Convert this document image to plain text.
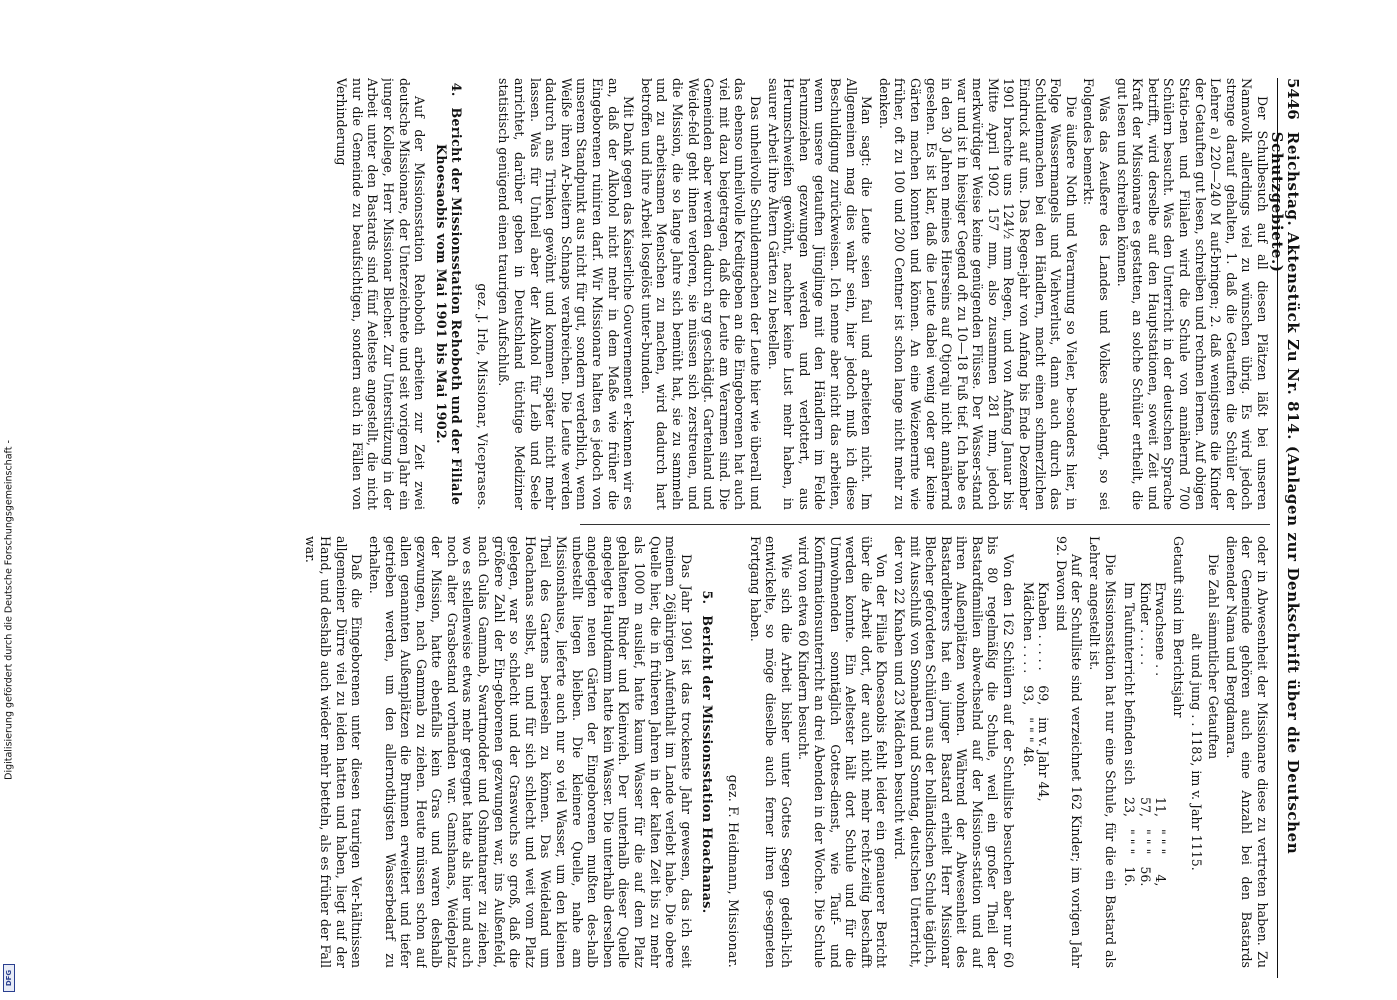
Digitalisierung gefördert durch die Deutsche Forschungsgemeinschaft -
DFG
5446
Reichstag. Aktenstück Zu Nr. 814. (Anlagen zur Denkschrift über die Deutschen Schutzgebiete.)

Der Schulbesuch auf all diesen Plätzen läßt bei unseren Namavolk allerdings viel zu wünschen übrig. Es wird jedoch strenge darauf gehalten, 1. daß die Getauften die Schüler der Lehrer a) 220—240 M auf-bringen; 2. daß wenigstens die Kinder der Getauften gut lesen, schreiben und rechnen lernen. Auf obigen Statio-nen und Filialen wird die Schule von annähernd 700 Schülern besucht. Was den Unterricht in der deutschen Sprache betrifft, wird derselbe auf den Hauptstationen, soweit Zeit und Kraft der Missionare es gestatten, an solche Schüler ertheilt, die gut lesen und schreiben können.

Was das Aeußere des Landes und Volkes anbelangt, so sei Folgendes bemerkt:

Die äußere Noth und Verarmung so Vieler, be-sonders hier, in Folge Wassermangels und Viehverlust, dann auch durch das Schuldenmachen bei den Händlern, macht einen schmerzlichen Eindruck auf uns. Das Regen-jahr von Anfang bis Ende Dezember 1901 brachte uns 124½ mm Regen, und von Anfang Januar bis Mitte April 1902 157 mm, also zusammen 281 mm, jedoch merkwürdiger Weise keine genügenden Flüsse. Der Wasser-stand war und ist in hiesiger Gegend oft zu 10—18 Fuß tief. Ich habe es in den 30 Jahren meines Hierseins auf Otjoraju nicht annähernd gesehen. Es ist klar, daß die Leute dabei wenig oder gar keine Gärten machen konnten und können. An eine Weizenernte wie früher, oft zu 100 und 200 Centner ist schon lange nicht mehr zu denken.

Man sagt: die Leute seien faul und arbeiteten nicht. Im Allgemeinen mag dies wahr sein, hier jedoch muß ich diese Beschuldigung zurückweisen. Ich nenne aber nicht das arbeiten, wenn unsere getauften Jünglinge mit den Händlern im Felde herumziehen gezwungen werden und verlottert, aus Herumschweifen gewöhnt, nachher keine Lust mehr haben, in saurer Arbeit ihre Ältern Gärten zu bestellen.

Das unheilvolle Schuldenmachen der Leute hier wie überall und das ebenso unheilvolle Kreditgeben an die Eingeborenen hat auch viel mit dazu beigetragen, daß die Leute am Verarmen sind. Die Gemeinden aber werden dadurch arg geschädigt. Gartenland und Weide-feld geht ihnen verloren, sie müssen sich zerstreuen, und die Mission, die so lange Jahre sich bemüht hat, sie zu sammeln und zu arbeitsamen Menschen zu machen, wird dadurch hart betroffen und ihre Arbeit losgelöst unter-bunden.

Mit Dank gegen das Kaiserliche Gouvernement er-kennen wir es an, daß der Alkohol nicht mehr in dem Maße wie früher die Eingeborenen ruiniren darf. Wir Missionare halten es jedoch von unserem Standpunkt aus nicht für gut, sondern verderblich, wenn Weiße ihren Ar-beitern Schnaps verabreichen. Die Leute werden dadurch ans Trinken gewöhnt und kommen später nicht mehr lassen. Was für Unheil aber der Alkohol für Leib und Seele anrichtet, darüber geben in Deutschland tüchtige Mediziner statistisch genügend einen traurigen Aufschluß.

gez. J. Irle, Missionar, Viceprases.
4. Bericht der Missionsstation Rehoboth und der Filiale Khoesaobis vom Mai 1901 bis Mai 1902.

Auf der Missionsstation Rehoboth arbeiten zur Zeit zwei deutsche Missionare, der Unterzeichnete und seit vorigem Jahr ein junger Kollege, Herr Missionar Blecher. Zur Unterstützung in der Arbeit unter den Bastards sind fünf Aelteste angestellt, die nicht nur die Gemeinde zu beaufsichtigen, sondern auch in Fällen von Verhinderung

oder in Abwesenheit der Missionare diese zu vertreten haben. Zu der Gemeinde gehören auch eine Anzahl bei den Bastards dienender Nama und Bergdamara.

Die Zahl sämmtlicher Getauften

alt und jung . . 1183, im v. Jahr 1115.

Getauft sind im Berichtsjahr

Erwachsene . .	11,	" " "	4,
Kinder . . . . .	57,	" " "	56.
Im Taufunterricht befinden sich	23,	" " "	16.

Die Missionsstation hat nur eine Schule, für die ein Bastard als Lehrer angestellt ist.

Auf der Schulliste sind verzeichnet 162 Kinder; im vorigen Jahr 92. Davon sind

Knaben . . . . .	69,	im v. Jahr 44,
Mädchen . . . .	93,	" " " 48.

Von den 162 Schülern auf der Schulliste besuchen aber nur 60 bis 80 regelmäßig die Schule, weil ein großer Theil der Bastardfamilien abwechselnd auf der Missions-station und auf ihren Außenplätzen wohnen. Während der Abwesenheit des Bastardlehrers hat ein junger Bastard erhielt Herr Missionar Blecher gefordeten Schülern aus der holländischen Schule täglich, mit Ausschluß von Sonnabend und Sonntag, deutschen Unterricht, der von 22 Knaben und 23 Mädchen besucht wird.

Von der Filiale Khoesaobis fehlt leider ein genauerer Bericht über die Arbeit dort, der auch nicht mehr recht-zeitig beschafft werden konnte. Ein Aeltester hält dort Schule und für die Umwohnenden sonntäglich Gottes-dienst, wie Tauf- und Konfirmationsunterricht an drei Abenden in der Woche. Die Schule wird von etwa 60 Kindern besucht.

Wie sich die Arbeit bisher unter Gottes Segen gedeih-lich entwickelte, so möge dieselbe auch ferner ihren ge-segneten Fortgang haben.

gez. F. Heidmann, Missionar.
5. Bericht der Missionsstation Hoachanas.

Das Jahr 1901 ist das trockenste Jahr gewesen, das ich seit meinem 26jährigen Aufenthalt im Lande verlebt habe. Die obere Quelle hier, die in früheren Jahren in der kalten Zeit bis zu mehr als 1000 m auslief, hatte kaum Wasser für die auf dem Platz gehaltenen Rinder und Kleinvieh. Der unterhalb dieser Quelle angelegte Hauptdamm hatte kein Wasser. Die unterhalb derselben angelegten neuen Gärten der Eingeborenen mußten des-halb unbestellt liegen bleiben. Die kleinere Quelle, nahe am Missionshause, lieferte auch nur so viel Wasser, um den kleinen Theil des Gartens berieseln zu können. Das Weideland um Hoachanas selbst, an und für sich schlecht und weit vom Platz gelegen, war so schlecht und der Graswuchs so groß, daß die größere Zahl der Ein-geborenen gezwungen war, ins Außenfeld, nach Gulas Gammab, Swartmodder und Oshmatnarer zu ziehen, wo es stellenweise etwas mehr geregnet hatte als hier und auch noch alter Grasbestand vorhanden war. Gamshanas, Weideplatz der Mission, hatte ebenfalls kein Gras und waren deshalb gezwungen, nach Gammab zu ziehen. Heute müssen schon auf allen genannten Außenplätzen die Brunnen erweitert und tiefer getrieben werden, um den allernothigsten Wasserbedarf zu erhalten.

Daß die Eingeborenen unter diesen traurigen Ver-hältnissen allgemeiner Dürre viel zu leiden hatten und haben, liegt auf der Hand, und deshalb auch wieder mehr betteln, als es früher der Fall war.
